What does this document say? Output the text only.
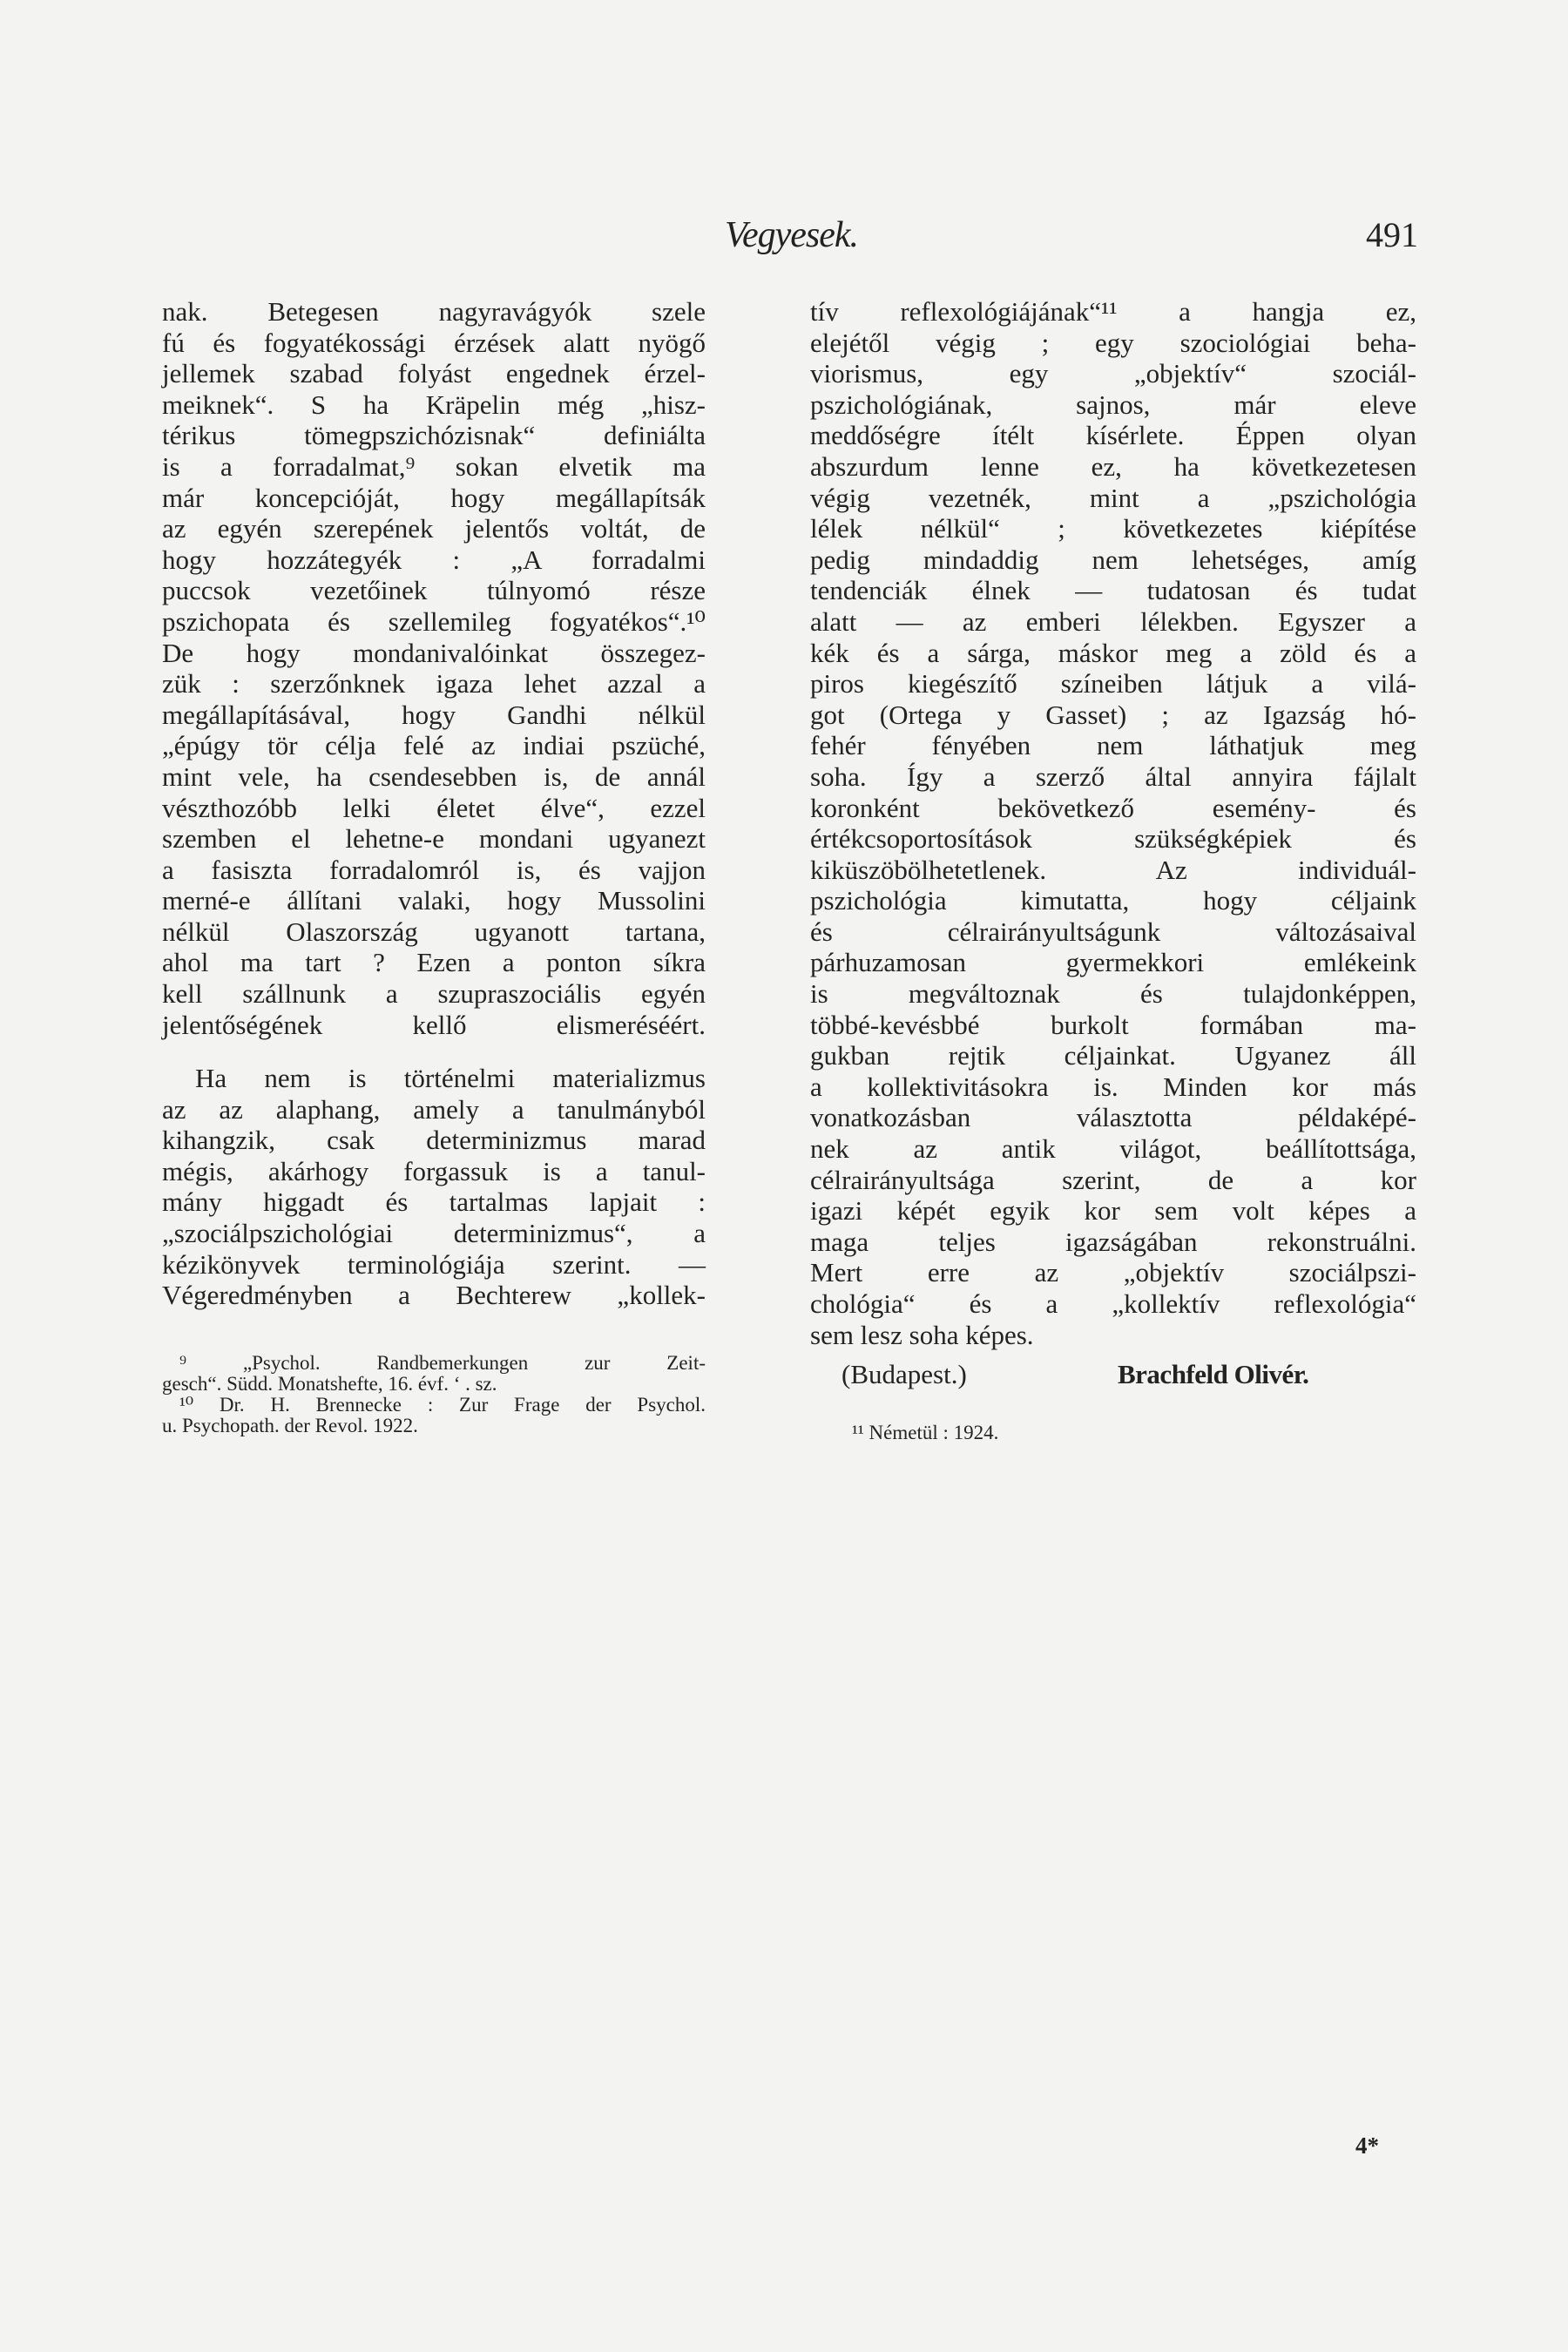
Vegyesek.	491
nak. Betegesen nagyravágyók szele
fú és fogyatékossági érzések alatt nyögő
jellemek szabad folyást engednek érzel-
meiknek“. S ha Kräpelin még „hisz-
térikus tömegpszichózisnak“ definiálta
is a forradalmat,⁹ sokan elvetik ma
már koncepcióját, hogy megállapítsák
az egyén szerepének jelentős voltát, de
hogy hozzátegyék : „A forradalmi
puccsok vezetőinek túlnyomó része
pszichopata és szellemileg fogyatékos“.¹⁰
De hogy mondanivalóinkat összegez-
zük : szerzőnknek igaza lehet azzal a
megállapításával, hogy Gandhi nélkül
„épúgy tör célja felé az indiai pszüché,
mint vele, ha csendesebben is, de annál
vészthozóbb lelki életet élve“, ezzel
szemben el lehetne-e mondani ugyanezt
a fasiszta forradalomról is, és vajjon
merné-e állítani valaki, hogy Mussolini
nélkül Olaszország ugyanott tartana,
ahol ma tart ? Ezen a ponton síkra
kell szállnunk a szupraszociális egyén
jelentőségének kellő elismeréséért.
Ha nem is történelmi materializmus
az az alaphang, amely a tanulmányból
kihangzik, csak determinizmus marad
mégis, akárhogy forgassuk is a tanul-
mány higgadt és tartalmas lapjait :
„szociálpszichológiai determinizmus“, a
kézikönyvek terminológiája szerint. —
Végeredményben a Bechterew „kollek-
⁹ „Psychol. Randbemerkungen zur Zeit-
gesch“. Südd. Monatshefte, 16. évf. ‘ . sz.
¹⁰ Dr. H. Brennecke : Zur Frage der Psychol.
u. Psychopath. der Revol. 1922.
tív reflexológiájának“¹¹ a hangja ez,
elejétől végig ; egy szociológiai beha-
viorismus, egy „objektív“ szociál-
pszichológiának, sajnos, már eleve
meddőségre ítélt kísérlete. Éppen olyan
abszurdum lenne ez, ha következetesen
végig vezetnék, mint a „pszichológia
lélek nélkül“ ; következetes kiépítése
pedig mindaddig nem lehetséges, amíg
tendenciák élnek — tudatosan és tudat
alatt — az emberi lélekben. Egyszer a
kék és a sárga, máskor meg a zöld és a
piros kiegészítő színeiben látjuk a vilá-
got (Ortega y Gasset) ; az Igazság hó-
fehér fényében nem láthatjuk meg
soha. Így a szerző által annyira fájlalt
koronként bekövetkező esemény- és
értékcsoportosítások szükségképiek és
kiküszöbölhetetlenek. Az individuál-
pszichológia kimutatta, hogy céljaink
és célrairányultságunk változásaival
párhuzamosan gyermekkori emlékeink
is megváltoznak és tulajdonképpen,
többé-kevésbbé burkolt formában ma-
gukban rejtik céljainkat. Ugyanez áll
a kollektivitásokra is. Minden kor más
vonatkozásban választotta példaképé-
nek az antik világot, beállítottsága,
célrairányultsága szerint, de a kor
igazi képét egyik kor sem volt képes a
maga teljes igazságában rekonstruálni.
Mert erre az „objektív szociálpszi-
chológia“ és a „kollektív reflexológia“
sem lesz soha képes.
(Budapest.)	Brachfeld Olivér.
¹¹ Németül : 1924.
4*
